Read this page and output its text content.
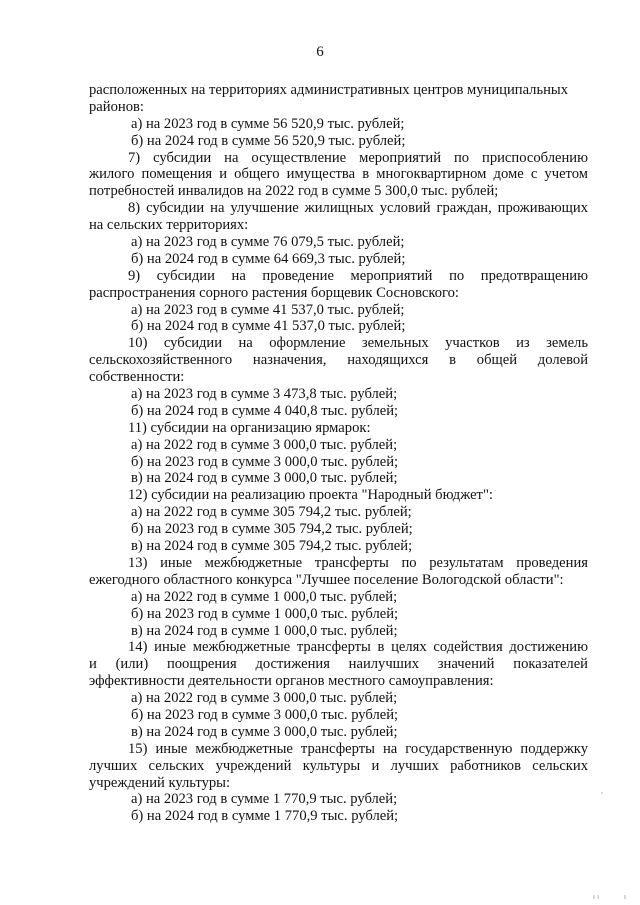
6
расположенных на территориях административных центров муниципальных
районов:
а) на 2023 год в сумме 56 520,9 тыс. рублей;
б) на 2024 год в сумме 56 520,9 тыс. рублей;
7) субсидии на осуществление мероприятий по приспособлению
жилого помещения и общего имущества в многоквартирном доме с учетом
потребностей инвалидов на 2022 год в сумме 5 300,0 тыс. рублей;
8) субсидии на улучшение жилищных условий граждан, проживающих
на сельских территориях:
а) на 2023 год в сумме 76 079,5 тыс. рублей;
б) на 2024 год в сумме 64 669,3 тыс. рублей;
9) субсидии на проведение мероприятий по предотвращению
распространения сорного растения борщевик Сосновского:
а) на 2023 год в сумме 41 537,0 тыс. рублей;
б) на 2024 год в сумме 41 537,0 тыс. рублей;
10) субсидии на оформление земельных участков из земель
сельскохозяйственного назначения, находящихся в общей долевой
собственности:
а) на 2023 год в сумме 3 473,8 тыс. рублей;
б) на 2024 год в сумме 4 040,8 тыс. рублей;
11) субсидии на организацию ярмарок:
а) на 2022 год в сумме 3 000,0 тыс. рублей;
б) на 2023 год в сумме 3 000,0 тыс. рублей;
в) на 2024 год в сумме 3 000,0 тыс. рублей;
12) субсидии на реализацию проекта "Народный бюджет":
а) на 2022 год в сумме 305 794,2 тыс. рублей;
б) на 2023 год в сумме 305 794,2 тыс. рублей;
в) на 2024 год в сумме 305 794,2 тыс. рублей;
13) иные межбюджетные трансферты по результатам проведения
ежегодного областного конкурса "Лучшее поселение Вологодской области":
а) на 2022 год в сумме 1 000,0 тыс. рублей;
б) на 2023 год в сумме 1 000,0 тыс. рублей;
в) на 2024 год в сумме 1 000,0 тыс. рублей;
14) иные межбюджетные трансферты в целях содействия достижению
и (или) поощрения достижения наилучших значений показателей
эффективности деятельности органов местного самоуправления:
а) на 2022 год в сумме 3 000,0 тыс. рублей;
б) на 2023 год в сумме 3 000,0 тыс. рублей;
в) на 2024 год в сумме 3 000,0 тыс. рублей;
15) иные межбюджетные трансферты на государственную поддержку
лучших сельских учреждений культуры и лучших работников сельских
учреждений культуры:
а) на 2023 год в сумме 1 770,9 тыс. рублей;
б) на 2024 год в сумме 1 770,9 тыс. рублей;
'
ı ı	ı
